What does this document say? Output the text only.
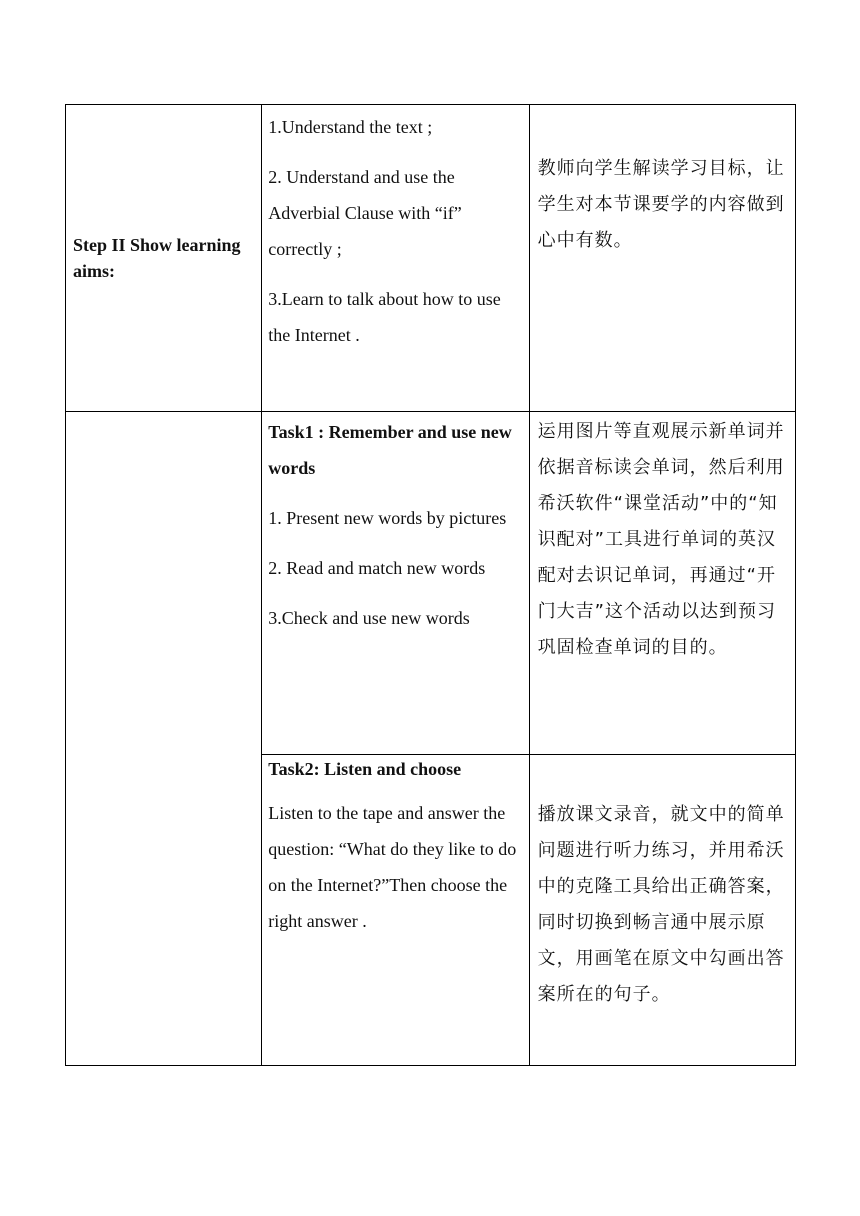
Step II Show learning aims:	1.Understand the text ;

2. Understand and use the Adverbial Clause with “if” correctly ;

3.Learn to talk about how to use the Internet .	教师向学生解读学习目标，让学生对本节课要学的内容做到心中有数。

	Task1 : Remember and use new words

1. Present new words by pictures

2. Read and match new words

3.Check and use new words	运用图片等直观展示新单词并依据音标读会单词，然后利用希沃软件“课堂活动”中的“知识配对”工具进行单词的英汉配对去识记单词，再通过“开门大吉”这个活动以达到预习巩固检查单词的目的。

	Task2: Listen and choose

Listen to the tape and answer the question: “What do they like to do on the Internet?”Then choose the right answer .	播放课文录音，就文中的简单问题进行听力练习，并用希沃中的克隆工具给出正确答案， 同时切换到畅言通中展示原文，用画笔在原文中勾画出答案所在的句子。
